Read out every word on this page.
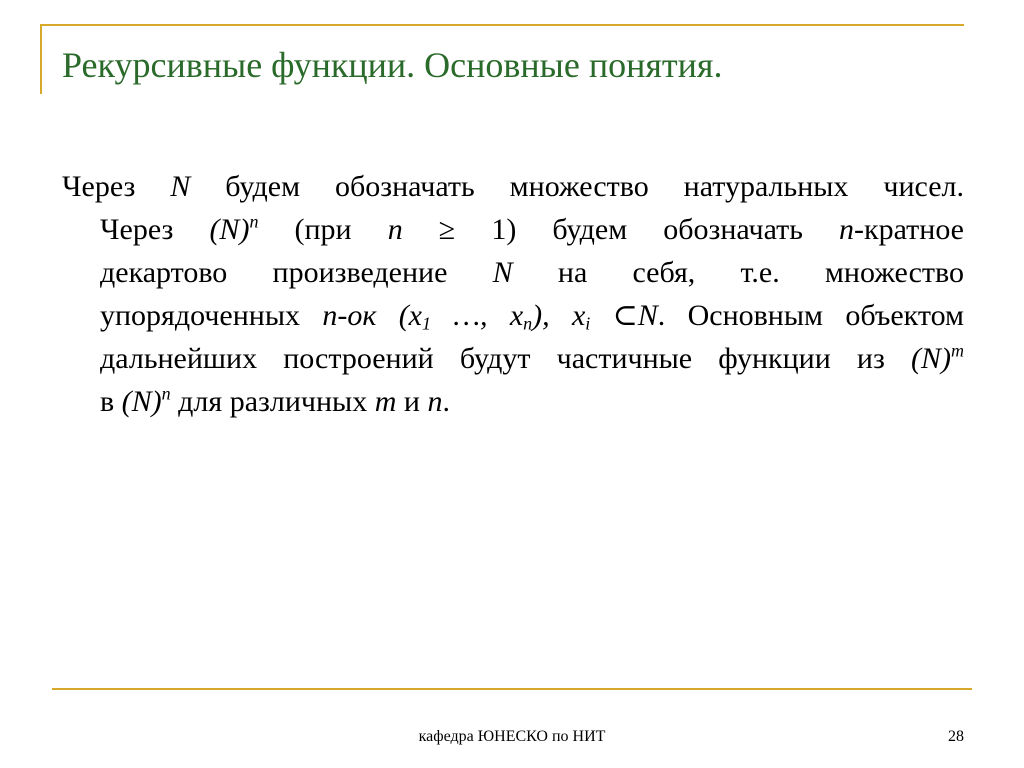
Рекурсивные функции. Основные понятия.
Через N будем обозначать множество натуральных чисел.
Через $(N)^n$ (при n ≥ 1) будем обозначать n-кратное
декартово произведение N на себя, т.е. множество
упорядоченных n-ок ($x_1$ …, $x_n$), $x_i$ ⊂N. Основным объектом
дальнейших построений будут частичные функции из $(N)^m$
в $(N)^n$ для различных m и n.
кафедра ЮНЕСКО по НИТ	28
